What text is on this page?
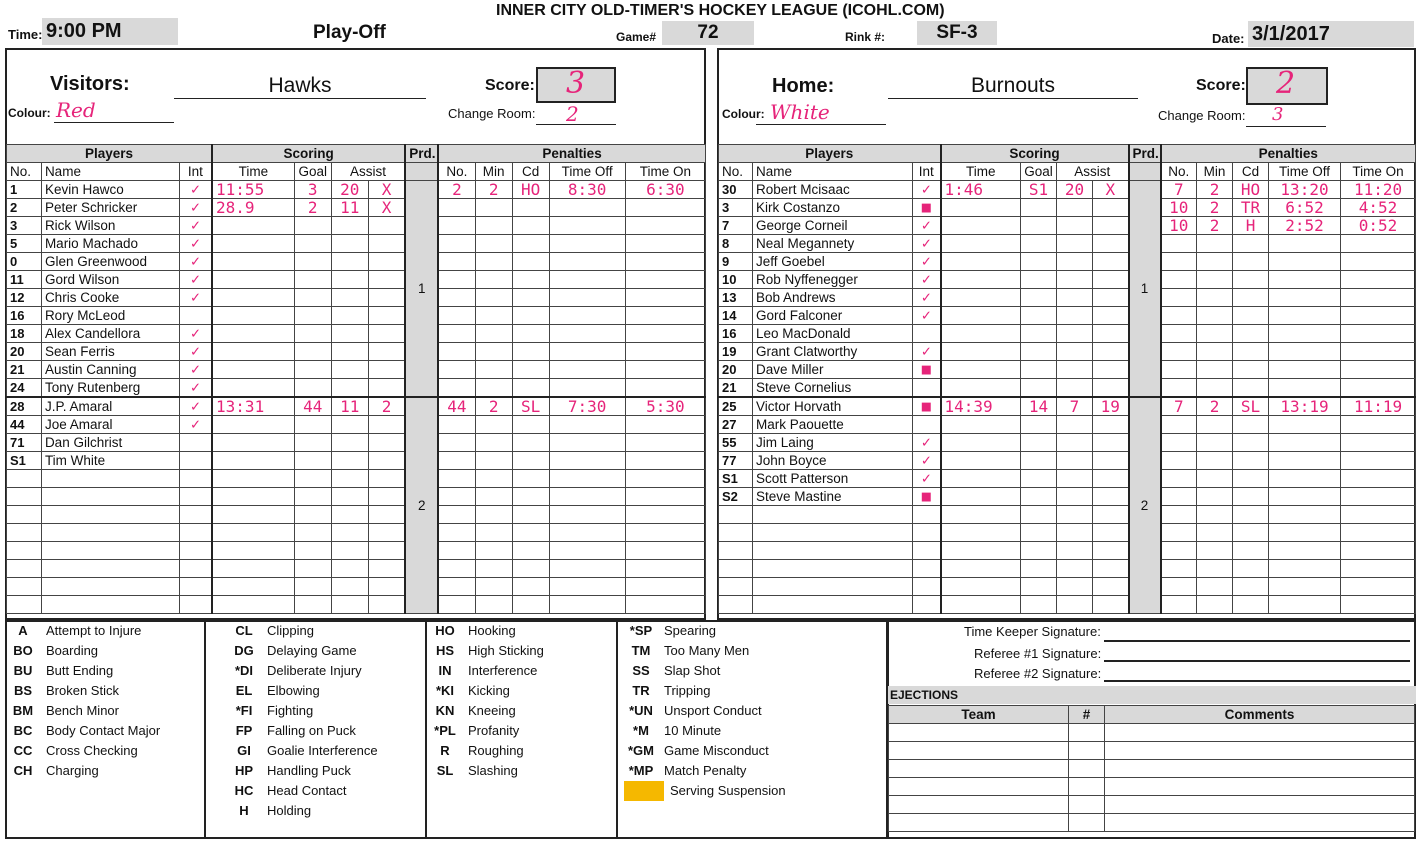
INNER CITY OLD-TIMER'S HOCKEY LEAGUE (ICOHL.COM)
Time: 9:00 PM	Play-Off	Game#	72	Rink #:	SF-3	Date: 3/1/2017
Visitors:	Hawks	Score: 3
Colour: Red	Change Room: 2
Home:	Burnouts	Score: 2
Colour: White	Change Room: 3
Players			Scoring				Prd.	Penalties				
No.	Name	Int	Time	Goal	Assist			No.	Min	Cd	Time Off	Time On
1	Kevin Hawco	✓	11:55	3	20	X	1	2	2	HO	8:30	6:30
2	Peter Schricker	✓	28.9	2	11	X						
3	Rick Wilson	✓										
5	Mario Machado	✓										
0	Glen Greenwood	✓										
11	Gord Wilson	✓										
12	Chris Cooke	✓										
16	Rory McLeod											
18	Alex Candellora	✓										
20	Sean Ferris	✓										
21	Austin Canning	✓										
24	Tony Rutenberg	✓										
28	J.P. Amaral	✓	13:31	44	11	2	2	44	2	SL	7:30	5:30
44	Joe Amaral	✓										
71	Dan Gilchrist											
S1	Tim White											

Players			Scoring				Prd.	Penalties				
No.	Name	Int	Time	Goal	Assist			No.	Min	Cd	Time Off	Time On
30	Robert Mcisaac	✓	1:46	S1	20	X	1	7	2	HO	13:20	11:20
3	Kirk Costanzo	■						10	2	TR	6:52	4:52
7	George Corneil	✓						10	2	H	2:52	0:52
8	Neal Megannety	✓										
9	Jeff Goebel	✓										
10	Rob Nyffenegger	✓										
13	Bob Andrews	✓										
14	Gord Falconer	✓										
16	Leo MacDonald											
19	Grant Clatworthy	✓										
20	Dave Miller	■										
21	Steve Cornelius											
25	Victor Horvath	■	14:39	14	7	19	2	7	2	SL	13:19	11:19
27	Mark Paouette											
55	Jim Laing	✓										
77	John Boyce	✓										
S1	Scott Patterson	✓										
S2	Steve Mastine	■										

A	Attempt to Injure
BO	Boarding
BU	Butt Ending
BS	Broken Stick
BM Bench Minor
BC	Body Contact Major
CC	Cross Checking
CH	Charging
CL	Clipping
DG	Delaying Game
*DI	Deliberate Injury
EL	Elbowing
*FI	Fighting
FP	Falling on Puck
GI	Goalie Interference
HP	Handling Puck
HC	Head Contact
H	Holding
HO	Hooking
HS	High Sticking
IN	Interference
*KI	Kicking
KN	Kneeing
*PL Profanity
R	Roughing
SL	Slashing
*SP Spearing
TM	Too Many Men
SS	Slap Shot
TR	Tripping
*UN Unsport Conduct
*M	10 Minute
*GM Game Misconduct
*MP Match Penalty
Serving Suspension
Time Keeper Signature:
Referee #1 Signature:
Referee #2 Signature:
EJECTIONS
Team	#	Comments
